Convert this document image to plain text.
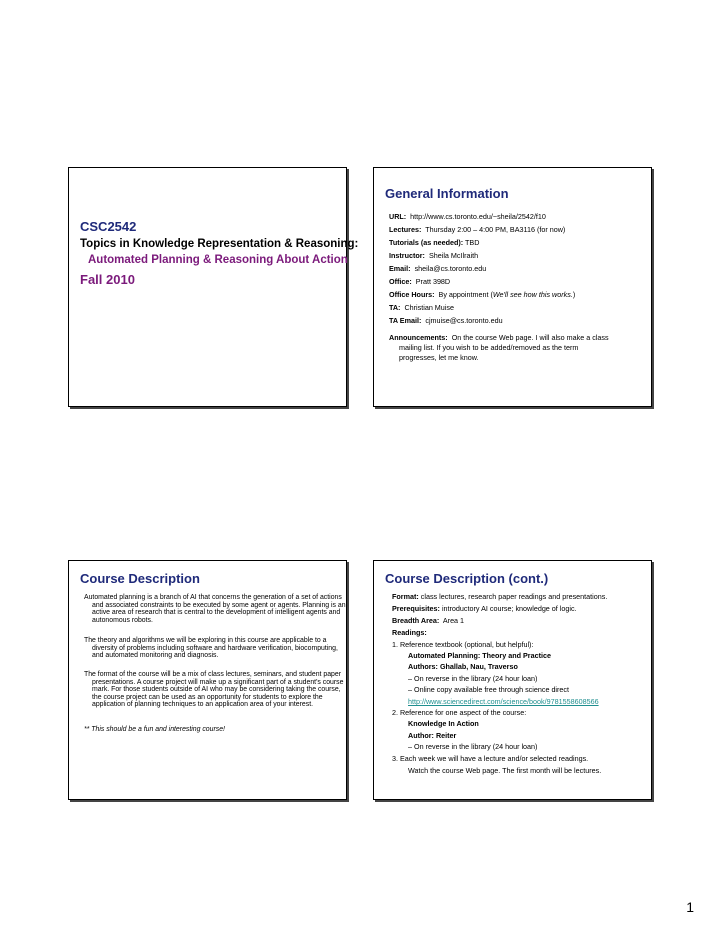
CSC2542
Topics in Knowledge Representation & Reasoning:
Automated Planning & Reasoning About Action
Fall 2010
General Information
URL: http://www.cs.toronto.edu/~sheila/2542/f10
Lectures: Thursday 2:00 – 4:00 PM, BA3116 (for now)
Tutorials (as needed): TBD
Instructor: Sheila McIlraith
Email: sheila@cs.toronto.edu
Office: Pratt 398D
Office Hours: By appointment (We'll see how this works.)
TA: Christian Muise
TA Email: cjmuise@cs.toronto.edu
Announcements: On the course Web page. I will also make a class
mailing list. If you wish to be added/removed as the term
progresses, let me know.
Course Description
Automated planning is a branch of AI that concerns the generation of a set of actions and associated constraints to be executed by some agent or agents. Planning is an active area of research that is central to the development of intelligent agents and autonomous robots.
The theory and algorithms we will be exploring in this course are applicable to a diversity of problems including software and hardware verification, biocomputing, and automated monitoring and diagnosis.
The format of the course will be a mix of class lectures, seminars, and student paper presentations. A course project will make up a significant part of a student's course mark. For those students outside of AI who may be considering taking the course, the course project can be used as an opportunity for students to explore the application of planning techniques to an application area of your interest.
** This should be a fun and interesting course!
Course Description (cont.)
Format: class lectures, research paper readings and presentations.
Prerequisites: introductory AI course; knowledge of logic.
Breadth Area: Area 1
Readings:
1. Reference textbook (optional, but helpful):
Automated Planning: Theory and Practice
Authors: Ghallab, Nau, Traverso
– On reverse in the library (24 hour loan)
– Online copy available free through science direct
http://www.sciencedirect.com/science/book/9781558608566
2. Reference for one aspect of the course:
Knowledge In Action
Author: Reiter
– On reverse in the library (24 hour loan)
3. Each week we will have a lecture and/or selected readings.
Watch the course Web page. The first month will be lectures.
1
